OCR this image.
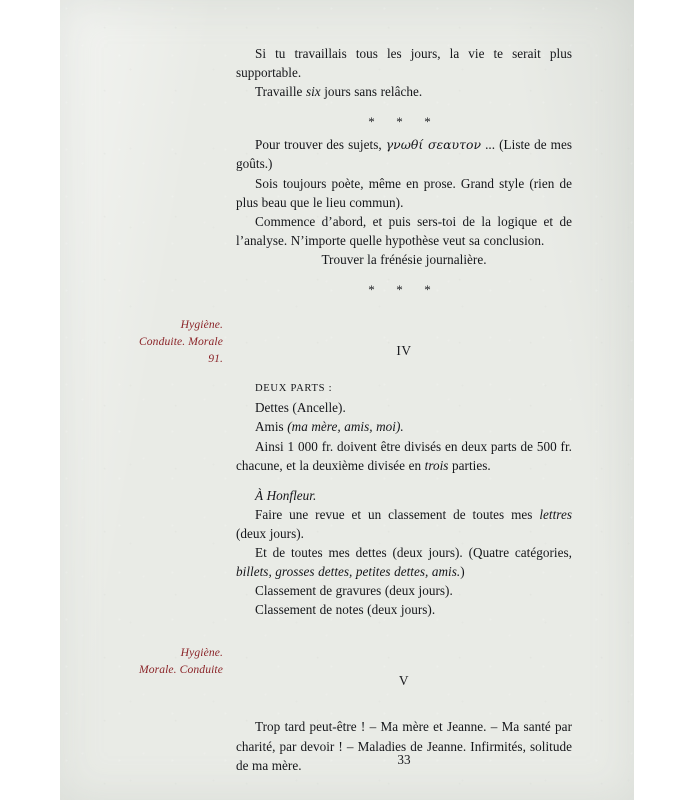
Hygiène.
Conduite. Morale
91.
Hygiène.
Morale. Conduite

Si tu travaillais tous les jours, la vie te serait plus supportable.

Travaille six jours sans relâche.

* * *

Pour trouver des sujets, γνωθί σεαυτον ... (Liste de mes goûts.)

Sois toujours poète, même en prose. Grand style (rien de plus beau que le lieu commun).

Commence d’abord, et puis sers-toi de la logique et de l’analyse. N’importe quelle hypothèse veut sa conclusion.

Trouver la frénésie journalière.

* * *

IV

DEUX PARTS :

Dettes (Ancelle).

Amis (ma mère, amis, moi).

Ainsi 1 000 fr. doivent être divisés en deux parts de 500 fr. chacune, et la deuxième divisée en trois parties.

À Honfleur.

Faire une revue et un classement de toutes mes lettres (deux jours).

Et de toutes mes dettes (deux jours). (Quatre catégories, billets, grosses dettes, petites dettes, amis.)

Classement de gravures (deux jours).

Classement de notes (deux jours).

V

Trop tard peut-être ! – Ma mère et Jeanne. – Ma santé par charité, par devoir ! – Maladies de Jeanne. Infirmités, solitude de ma mère.	33
